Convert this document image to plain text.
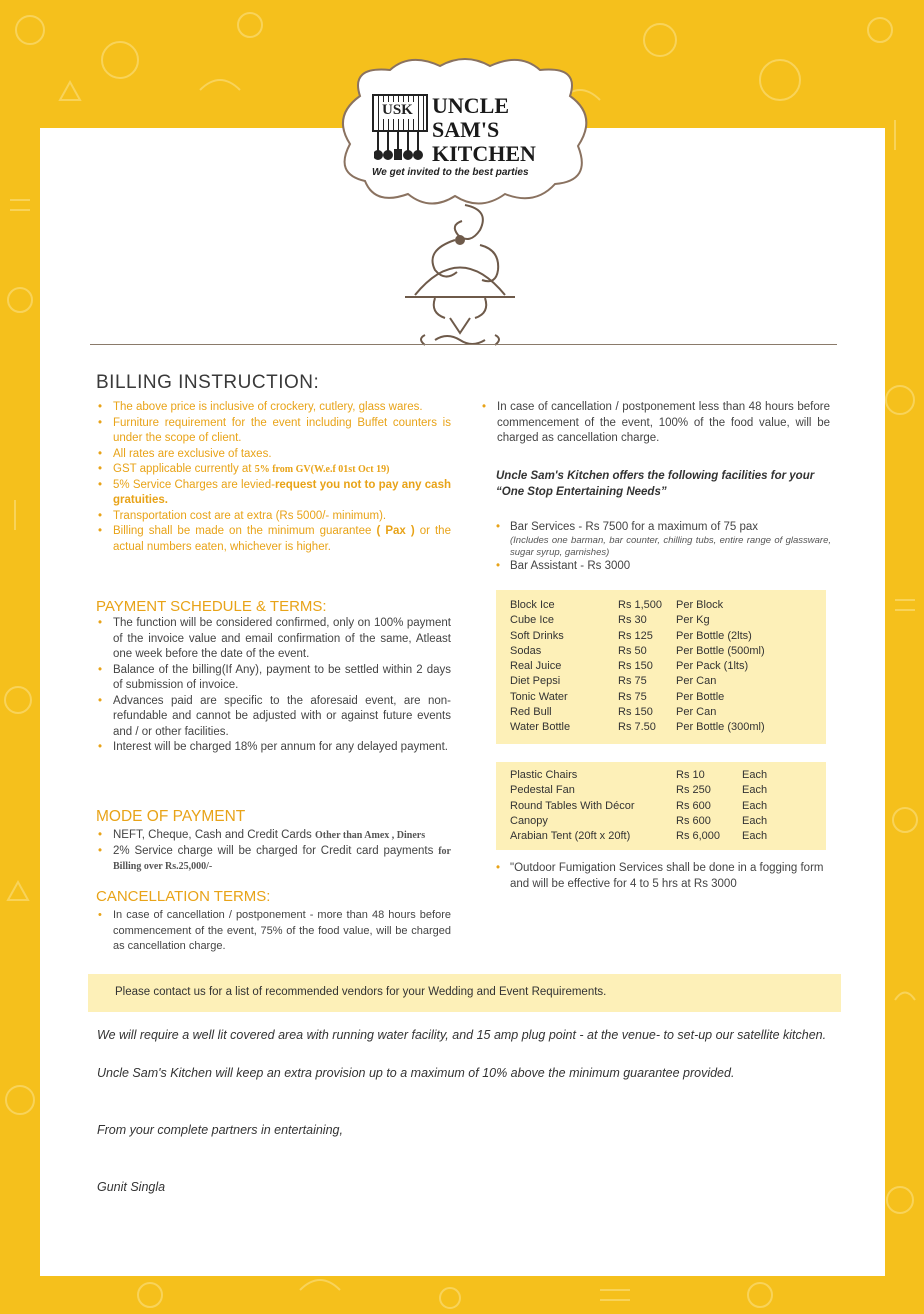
USK UNCLE
SAM'S
KITCHEN
We get invited to the best parties
BILLING INSTRUCTION:
• The above price is inclusive of crockery, cutlery, glass wares.
• Furniture requirement for the event including Buffet counters is under the scope of client.
• All rates are exclusive of taxes.
• GST applicable currently at 5% from GV(W.e.f 01st Oct 19)
• 5% Service Charges are levied-request you not to pay any cash gratuities.
• Transportation cost are at extra (Rs 5000/- minimum).
• Billing shall be made on the minimum guarantee ( Pax ) or the actual numbers eaten, whichever is higher.
PAYMENT SCHEDULE & TERMS:
• The function will be considered confirmed, only on 100% payment of the invoice value and email confirmation of the same, Atleast one week before the date of the event.
• Balance of the billing(If Any), payment to be settled within 2 days of submission of invoice.
• Advances paid are specific to the aforesaid event, are non-refundable and cannot be adjusted with or against future events and / or other facilities.
• Interest will be charged 18% per annum for any delayed payment.
MODE OF PAYMENT
• NEFT, Cheque, Cash and Credit Cards Other than Amex , Diners
• 2% Service charge will be charged for Credit card payments for Billing over Rs.25,000/-
CANCELLATION TERMS:
• In case of cancellation / postponement - more than 48 hours before commencement of the event, 75% of the food value, will be charged as cancellation charge.
• In case of cancellation / postponement less than 48 hours before commencement of the event, 100% of the food value, will be charged as cancellation charge.
Uncle Sam's Kitchen offers the following facilities for your “One Stop Entertaining Needs”
• Bar Services - Rs 7500 for a maximum of 75 pax
(Includes one barman, bar counter, chilling tubs, entire range of glassware, sugar syrup, garnishes)
• Bar Assistant - Rs 3000
Block Ice	Rs 1,500 Per Block
Cube Ice	Rs 30	Per Kg
Soft Drinks	Rs 125 Per Bottle (2lts)
Sodas	Rs 50	Per Bottle (500ml)
Real Juice	Rs 150 Per Pack (1lts)
Diet Pepsi	Rs 75	Per Can
Tonic Water	Rs 75	Per Bottle
Red Bull	Rs 150 Per Can
Water Bottle	Rs 7.50 Per Bottle (300ml)
Plastic Chairs	Rs 10	Each
Pedestal Fan	Rs 250	Each
Round Tables With Décor	Rs 600	Each
Canopy	Rs 600	Each
Arabian Tent (20ft x 20ft)	Rs 6,000 Each
• "Outdoor Fumigation Services shall be done in a fogging form and will be effective for 4 to 5 hrs at Rs 3000
Please contact us for a list of recommended vendors for your Wedding and Event Requirements.
We will require a well lit covered area with running water facility, and 15 amp plug point - at the venue- to set-up our satellite kitchen.
Uncle Sam's Kitchen will keep an extra provision up to a maximum of 10% above the minimum guarantee provided.
From your complete partners in entertaining,
Gunit Singla
